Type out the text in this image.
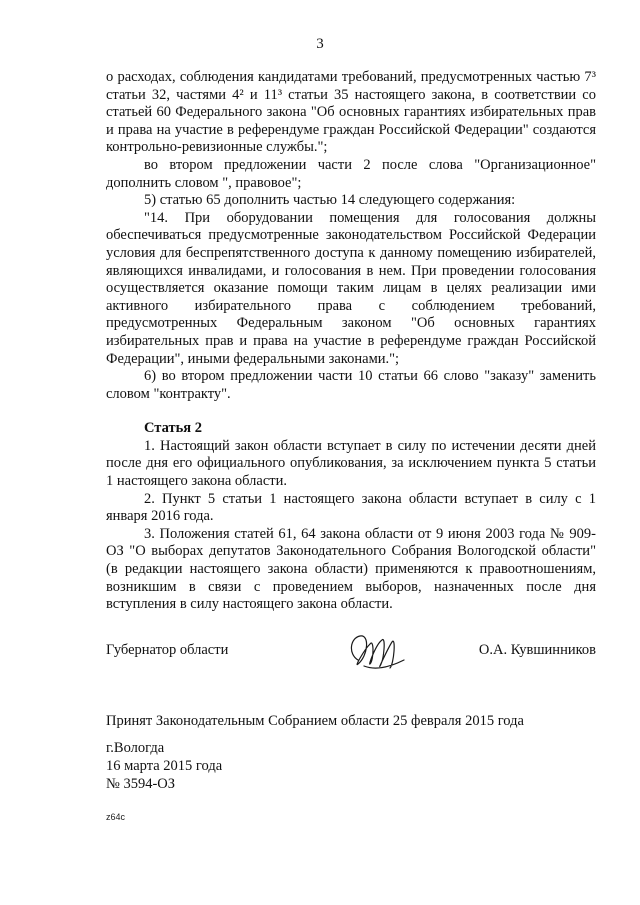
3

о расходах, соблюдения кандидатами требований, предусмотренных частью 7³ статьи 32, частями 4² и 11³ статьи 35 настоящего закона, в соответствии со статьей 60 Федерального закона "Об основных гарантиях избирательных прав и права на участие в референдуме граждан Российской Федерации" создаются контрольно-ревизионные службы.";

во втором предложении части 2 после слова "Организационное" дополнить словом ", правовое";

5) статью 65 дополнить частью 14 следующего содержания:

"14. При оборудовании помещения для голосования должны обеспечиваться предусмотренные законодательством Российской Федерации условия для беспрепятственного доступа к данному помещению избирателей, являющихся инвалидами, и голосования в нем. При проведении голосования осуществляется оказание помощи таким лицам в целях реализации ими активного избирательного права с соблюдением требований, предусмотренных Федеральным законом "Об основных гарантиях избирательных прав и права на участие в референдуме граждан Российской Федерации", иными федеральными законами.";

6) во втором предложении части 10 статьи 66 слово "заказу" заменить словом "контракту".

Статья 2

1. Настоящий закон области вступает в силу по истечении десяти дней после дня его официального опубликования, за исключением пункта 5 статьи 1 настоящего закона области.

2. Пункт 5 статьи 1 настоящего закона области вступает в силу с 1 января 2016 года.

3. Положения статей 61, 64 закона области от 9 июня 2003 года № 909-ОЗ "О выборах депутатов Законодательного Собрания Вологодской области" (в редакции настоящего закона области) применяются к правоотношениям, возникшим в связи с проведением выборов, назначенных после дня вступления в силу настоящего закона области.

Губернатор области	О.А. Кувшинников

Принят Законодательным Собранием области 25 февраля 2015 года

г.Вологда

16 марта 2015 года

№ 3594-ОЗ

z64c
